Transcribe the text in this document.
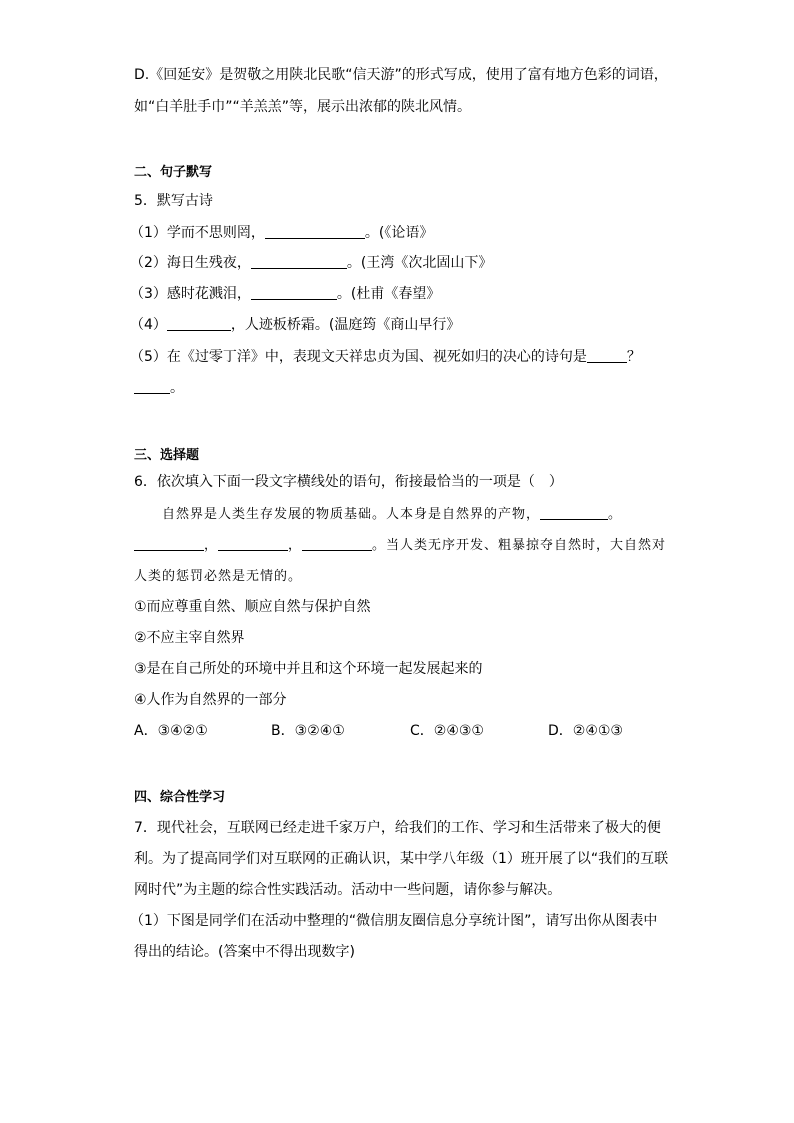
D.《回延安》是贺敬之用陕北民歌“信天游”的形式写成，使用了富有地方色彩的词语，
如“白羊肚手巾”“羊羔羔”等，展示出浓郁的陕北风情。
二、句子默写
5．默写古诗
（1）学而不思则罔，	。(《论语》
（2）海日生残夜，	。(王湾《次北固山下》
（3）感时花溅泪，	。(杜甫《春望》
（4）	，人迹板桥霜。(温庭筠《商山早行》
（5）在《过零丁洋》中，表现文天祥忠贞为国、视死如归的决心的诗句是	？
。
三、选择题
6．依次填入下面一段文字横线处的语句，衔接最恰当的一项是（　）
自然界是人类生存发展的物质基础。人本身是自然界的产物，	。
，	，	。当人类无序开发、粗暴掠夺自然时，大自然对
人类的惩罚必然是无情的。
①而应尊重自然、顺应自然与保护自然
②不应主宰自然界
③是在自己所处的环境中并且和这个环境一起发展起来的
④人作为自然界的一部分
A．③④②①	B．③②④①	C．②④③①	D．②④①③
四、综合性学习
7．现代社会，互联网已经走进千家万户，给我们的工作、学习和生活带来了极大的便
利。为了提高同学们对互联网的正确认识，某中学八年级（1）班开展了以“我们的互联
网时代”为主题的综合性实践活动。活动中一些问题，请你参与解决。
（1）下图是同学们在活动中整理的“微信朋友圈信息分享统计图”，请写出你从图表中
得出的结论。(答案中不得出现数字)
